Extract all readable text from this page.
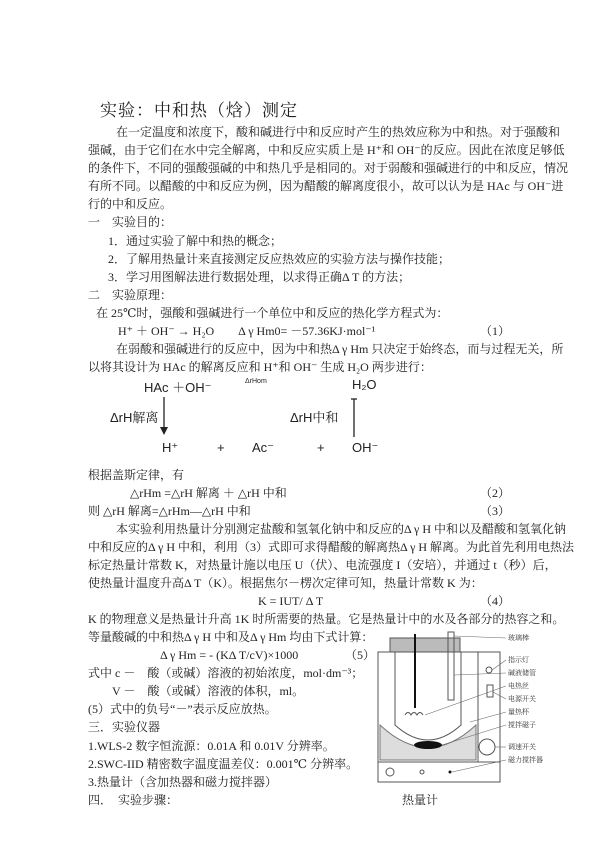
实验：中和热（焓）测定
在一定温度和浓度下，酸和碱进行中和反应时产生的热效应称为中和热。对于强酸和
强碱，由于它们在水中完全解离，中和反应实质上是 H⁺和 OH⁻的反应。因此在浓度足够低
的条件下，不同的强酸强碱的中和热几乎是相同的。对于弱酸和强碱进行的中和反应，情况
有所不同。以醋酸的中和反应为例，因为醋酸的解离度很小，故可以认为是 HAc 与 OH⁻进
行的中和反应。
一　实验目的：
1．通过实验了解中和热的概念；
2．了解用热量计来直接测定反应热效应的实验方法与操作技能；
3．学习用图解法进行数据处理，以求得正确Δ T 的方法；
二　实验原理：
在 25℃时，强酸和强碱进行一个单位中和反应的热化学方程式为：
H⁺ ＋ OH⁻ → H₂O　　Δ γ Hm0= －57.36KJ·mol⁻¹	（1）
在弱酸和强碱进行的反应中，因为中和热Δ γ Hm 只决定于始终态，而与过程无关，所
以将其设计为 HAc 的解离反应和 H⁺和 OH⁻ 生成 H₂O 两步进行：
HAc ＋OH⁻	ΔrHom	H₂O
ΔrH解离	ΔrH中和
H⁺	+ Ac⁻	+ OH⁻
根据盖斯定律，有
△rHm =△rH 解离 ＋ △rH 中和	（2）
则 △rH 解离=△rHm—△rH 中和	（3）
本实验利用热量计分别测定盐酸和氢氧化钠中和反应的Δ γ H 中和以及醋酸和氢氧化钠
中和反应的Δ γ H 中和，利用（3）式即可求得醋酸的解离热Δ γ H 解离。为此首先利用电热法
标定热量计常数 K，对热量计施以电压 U（伏）、电流强度 I（安培），并通过 t（秒）后，
使热量计温度升高Δ T（K）。根据焦尔－楞次定律可知，热量计常数 K 为：
K = IUT/ Δ T	（4）
K 的物理意义是热量计升高 1K 时所需要的热量。它是热量计中的水及各部分的热容之和。
等量酸碱的中和热Δ γ H 中和及Δ γ Hm 均由下式计算：
Δ γ Hm = - (KΔ T/cV)×1000	（5）
式中 c －　酸（或碱）溶液的初始浓度，mol·dm⁻³；
V －　酸（或碱）溶液的体积，ml。
(5）式中的负号“－”表示反应放热。
三．实验仪器
1.WLS-2 数字恒流源：0.01A 和 0.01V 分辨率。
2.SWC-IID 精密数字温度温差仪：0.001℃ 分辨率。
3.热量计（含加热器和磁力搅拌器）
四．　实验步骤：
玻璃棒
指示灯
碱液储管
电热丝
电源开关
量热杯
搅拌磁子
调速开关
磁力搅拌器
热量计
